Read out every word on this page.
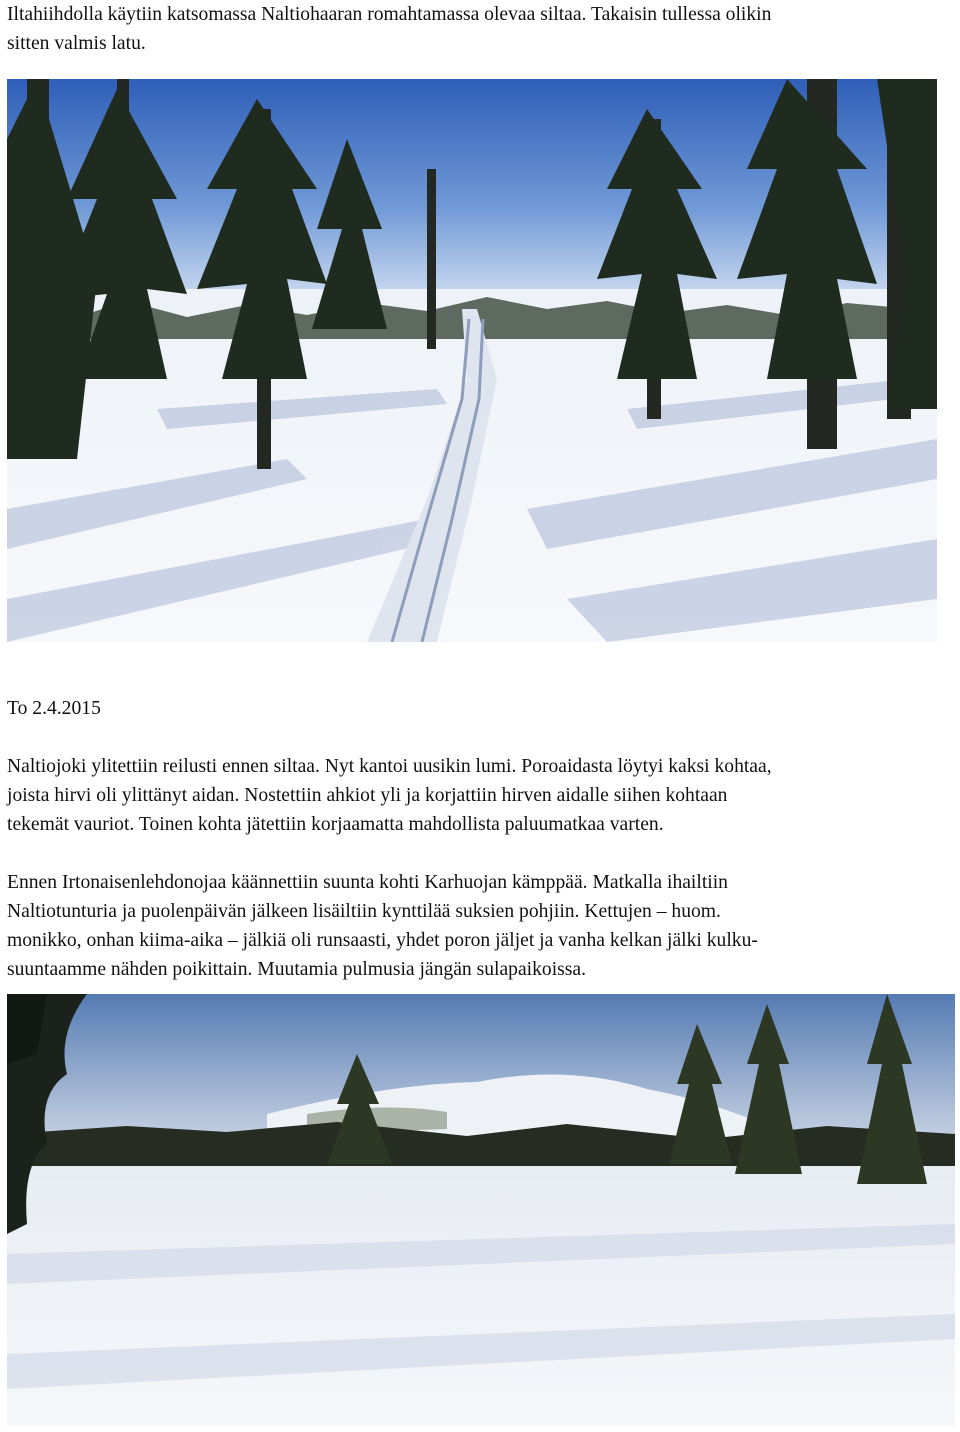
Iltahiihdolla käytiin katsomassa Naltiohaaran romahtamassa olevaa siltaa. Takaisin tullessa olikin
sitten valmis latu.

To 2.4.2015

Naltiojoki ylitettiin reilusti ennen siltaa. Nyt kantoi uusikin lumi. Poroaidasta löytyi kaksi kohtaa,
joista hirvi oli ylittänyt aidan. Nostettiin ahkiot yli ja korjattiin hirven aidalle siihen kohtaan
tekemät vauriot. Toinen kohta jätettiin korjaamatta mahdollista paluumatkaa varten.

Ennen Irtonaisenlehdonojaa käännettiin suunta kohti Karhuojan kämppää. Matkalla ihailtiin
Naltiotunturia ja puolenpäivän jälkeen lisäiltiin kynttilää suksien pohjiin. Kettujen – huom.
monikko, onhan kiima-aika – jälkiä oli runsaasti, yhdet poron jäljet ja vanha kelkan jälki kulku-
suuntaamme nähden poikittain. Muutamia pulmusia jängän sulapaikoissa.
